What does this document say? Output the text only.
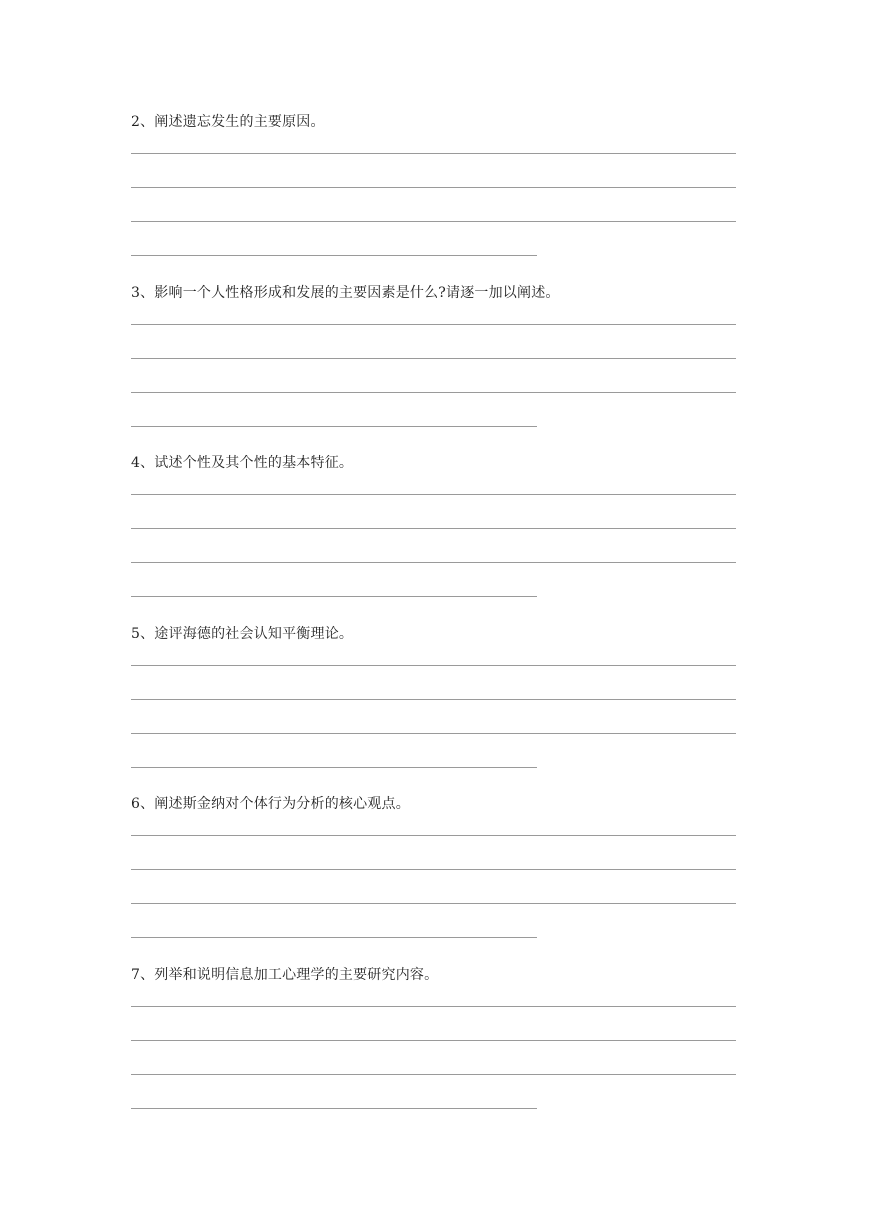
2、阐述遗忘发生的主要原因。
3、影响一个人性格形成和发展的主要因素是什么?请逐一加以阐述。
4、试述个性及其个性的基本特征。
5、途评海德的社会认知平衡理论。
6、阐述斯金纳对个体行为分析的核心观点。
7、列举和说明信息加工心理学的主要研究内容。
